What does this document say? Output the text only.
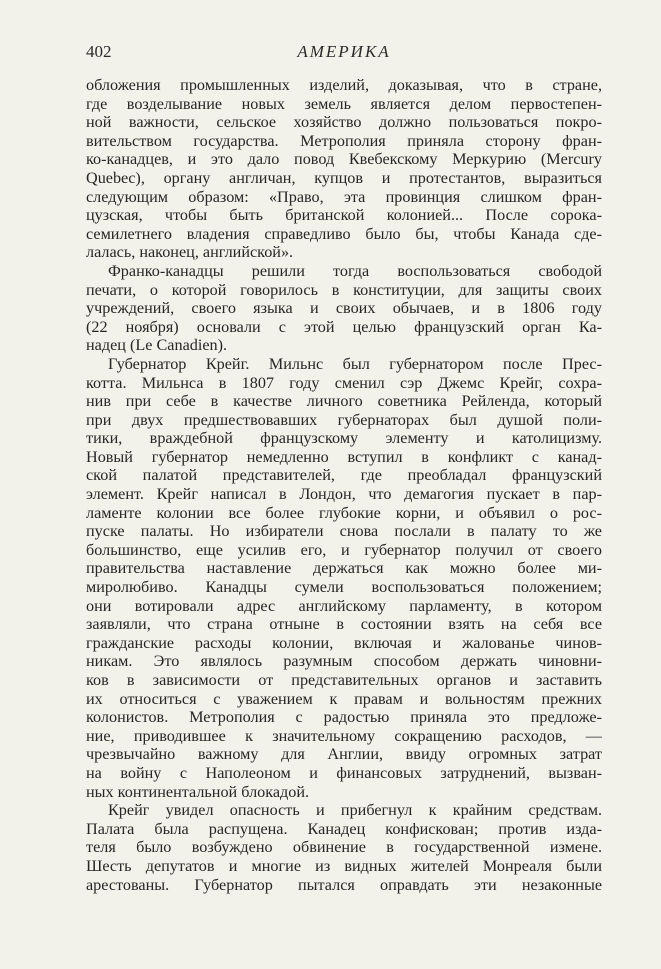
402	АМЕРИКА
обложения промышленных изделий, доказывая, что в стране,
где возделывание новых земель является делом первостепен-
ной важности, сельское хозяйство должно пользоваться покро-
вительством государства. Метрополия приняла сторону фран-
ко-канадцев, и это дало повод Квебекскому Меркурию (Mercury
Quebec), органу англичан, купцов и протестантов, выразиться
следующим образом: «Право, эта провинция слишком фран-
цузская, чтобы быть британской колонией... После сорока-
семилетнего владения справедливо было бы, чтобы Канада сде-
лалась, наконец, английской».
Франко-канадцы решили тогда воспользоваться свободой
печати, о которой говорилось в конституции, для защиты своих
учреждений, своего языка и своих обычаев, и в 1806 году
(22 ноября) основали с этой целью французский орган Ка-
надец (Le Canadien).
Губернатор Крейг. Мильнс был губернатором после Прес-
котта. Мильнса в 1807 году сменил сэр Джемс Крейг, сохра-
нив при себе в качестве личного советника Рейленда, который
при двух предшествовавших губернаторах был душой поли-
тики, враждебной французскому элементу и католицизму.
Новый губернатор немедленно вступил в конфликт с канад-
ской палатой представителей, где преобладал французский
элемент. Крейг написал в Лондон, что демагогия пускает в пар-
ламенте колонии все более глубокие корни, и объявил о рос-
пуске палаты. Но избиратели снова послали в палату то же
большинство, еще усилив его, и губернатор получил от своего
правительства наставление держаться как можно более ми-
миролюбиво. Канадцы сумели воспользоваться положением;
они вотировали адрес английскому парламенту, в котором
заявляли, что страна отныне в состоянии взять на себя все
гражданские расходы колонии, включая и жалованье чинов-
никам. Это являлось разумным способом держать чиновни-
ков в зависимости от представительных органов и заставить
их относиться с уважением к правам и вольностям прежних
колонистов. Метрополия с радостью приняла это предложе-
ние, приводившее к значительному сокращению расходов, —
чрезвычайно важному для Англии, ввиду огромных затрат
на войну с Наполеоном и финансовых затруднений, вызван-
ных континентальной блокадой.
Крейг увидел опасность и прибегнул к крайним средствам.
Палата была распущена. Канадец конфискован; против изда-
теля было возбуждено обвинение в государственной измене.
Шесть депутатов и многие из видных жителей Монреаля были
арестованы. Губернатор пытался оправдать эти незаконные
